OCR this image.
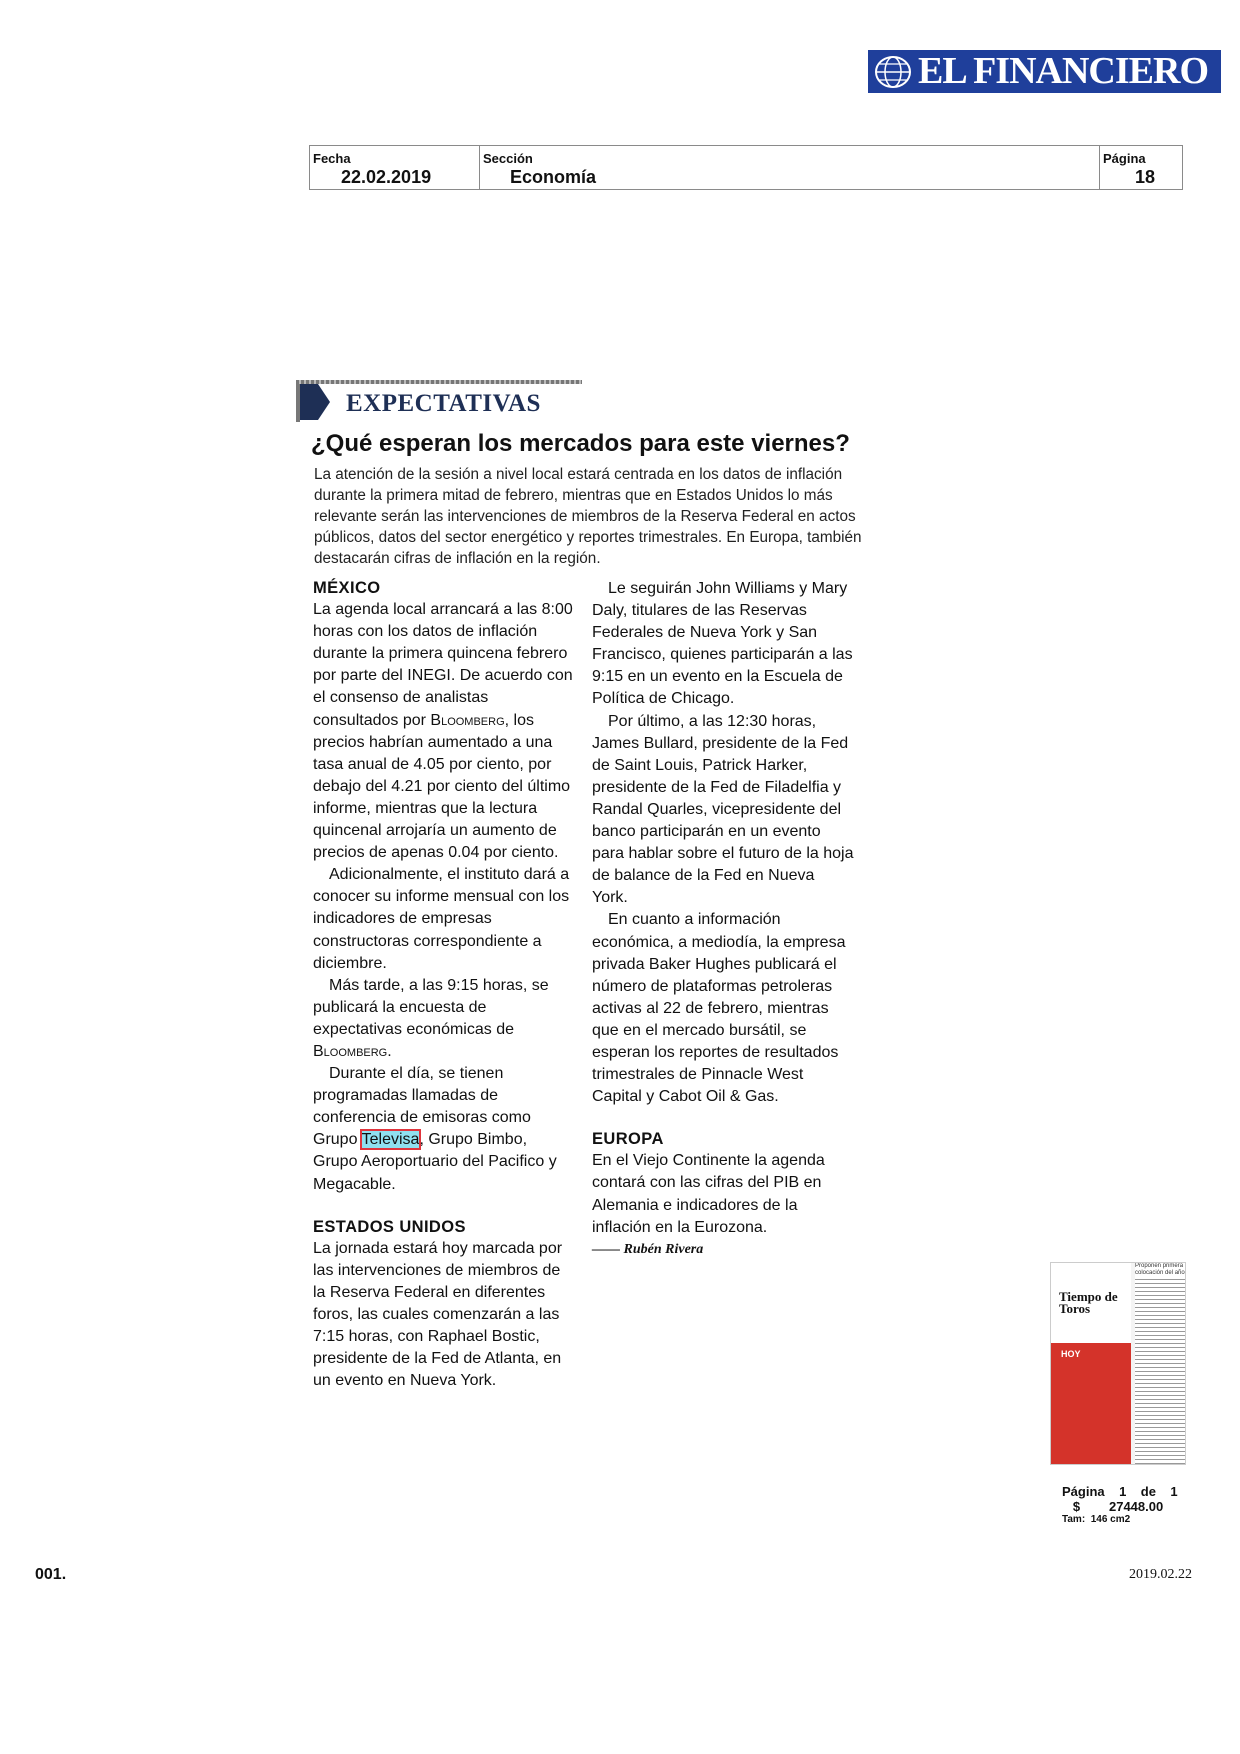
EL FINANCIERO
Fecha
22.02.2019
Sección
Economía
Página
18
EXPECTATIVAS
¿Qué esperan los mercados para este viernes?
La atención de la sesión a nivel local estará centrada en los datos de inflación durante la primera mitad de febrero, mientras que en Estados Unidos lo más relevante serán las intervenciones de miembros de la Reserva Federal en actos públicos, datos del sector energético y reportes trimestrales. En Europa, también destacarán cifras de inflación en la región.

MÉXICO

La agenda local arrancará a las 8:00 horas con los datos de inflación durante la primera quincena febrero por parte del INEGI. De acuerdo con el consenso de analistas consultados por Bloomberg, los precios habrían aumentado a una tasa anual de 4.05 por ciento, por debajo del 4.21 por ciento del último informe, mientras que la lectura quincenal arrojaría un aumento de precios de apenas 0.04 por ciento.

Adicionalmente, el instituto dará a conocer su informe mensual con los indicadores de empresas constructoras correspondiente a diciembre.

Más tarde, a las 9:15 horas, se publicará la encuesta de expectativas económicas de Bloomberg.

Durante el día, se tienen programadas llamadas de conferencia de emisoras como Grupo Televisa, Grupo Bimbo, Grupo Aeroportuario del Pacifico y Megacable.

ESTADOS UNIDOS

La jornada estará hoy marcada por las intervenciones de miembros de la Reserva Federal en diferentes foros, las cuales comenzarán a las 7:15 horas, con Raphael Bostic, presidente de la Fed de Atlanta, en un evento en Nueva York.

Le seguirán John Williams y Mary Daly, titulares de las Reservas Federales de Nueva York y San Francisco, quienes participarán a las 9:15 en un evento en la Escuela de Política de Chicago.

Por último, a las 12:30 horas, James Bullard, presidente de la Fed de Saint Louis, Patrick Harker, presidente de la Fed de Filadelfia y Randal Quarles, vicepresidente del banco participarán en un evento para hablar sobre el futuro de la hoja de balance de la Fed en Nueva York.

En cuanto a información económica, a mediodía, la empresa privada Baker Hughes publicará el número de plataformas petroleras activas al 22 de febrero, mientras que en el mercado bursátil, se esperan los reportes de resultados trimestrales de Pinnacle West Capital y Cabot Oil & Gas.

EUROPA

En el Viejo Continente la agenda contará con las cifras del PIB en Alemania e indicadores de la inflación en la Eurozona.

—— Rubén Rivera

Tiempo de Toros
HOY
Proponen primera colocación del año
Página 1 de 1
$ 27448.00
Tam: 146 cm2
001.	2019.02.22
